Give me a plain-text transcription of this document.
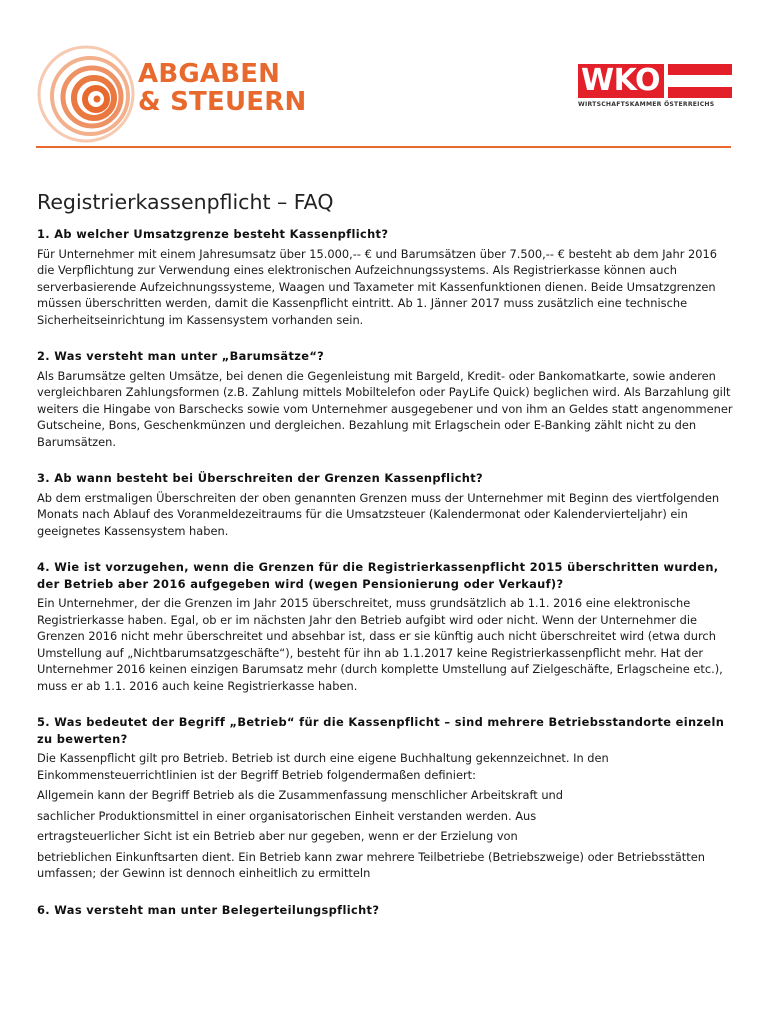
ABGABEN
& STEUERN
WKO
WIRTSCHAFTSKAMMER ÖSTERREICHS
Registrierkassenpflicht – FAQ

1. Ab welcher Umsatzgrenze besteht Kassenpflicht?

Für Unternehmer mit einem Jahresumsatz über 15.000,-- € und Barumsätzen über 7.500,-- € besteht ab dem Jahr 2016 die Verpflichtung zur Verwendung eines elektronischen Aufzeichnungssystems. Als Registrierkasse können auch serverbasierende Aufzeichnungssysteme, Waagen und Taxameter mit Kassenfunktionen dienen. Beide Umsatzgrenzen müssen überschritten werden, damit die Kassenpflicht eintritt. Ab 1. Jänner 2017 muss zusätzlich eine technische Sicherheitseinrichtung im Kassensystem vorhanden sein.

2. Was versteht man unter „Barumsätze“?

Als Barumsätze gelten Umsätze, bei denen die Gegenleistung mit Bargeld, Kredit- oder Bankomatkarte, sowie anderen vergleichbaren Zahlungsformen (z.B. Zahlung mittels Mobiltelefon oder PayLife Quick) beglichen wird. Als Barzahlung gilt weiters die Hingabe von Barschecks sowie vom Unternehmer ausgegebener und von ihm an Geldes statt angenommener Gutscheine, Bons, Geschenkmünzen und dergleichen. Bezahlung mit Erlagschein oder E-Banking zählt nicht zu den Barumsätzen.

3. Ab wann besteht bei Überschreiten der Grenzen Kassenpflicht?

Ab dem erstmaligen Überschreiten der oben genannten Grenzen muss der Unternehmer mit Beginn des viertfolgenden Monats nach Ablauf des Voranmeldezeitraums für die Umsatzsteuer (Kalendermonat oder Kalendervierteljahr) ein geeignetes Kassensystem haben.

4. Wie ist vorzugehen, wenn die Grenzen für die Registrierkassenpflicht 2015 überschritten wurden, der Betrieb aber 2016 aufgegeben wird (wegen Pensionierung oder Verkauf)?

Ein Unternehmer, der die Grenzen im Jahr 2015 überschreitet, muss grundsätzlich ab 1.1. 2016 eine elektronische Registrierkasse haben. Egal, ob er im nächsten Jahr den Betrieb aufgibt wird oder nicht. Wenn der Unternehmer die Grenzen 2016 nicht mehr überschreitet und absehbar ist, dass er sie künftig auch nicht überschreitet wird (etwa durch Umstellung auf „Nichtbarumsatzgeschäfte“), besteht für ihn ab 1.1.2017 keine Registrierkassenpflicht mehr. Hat der Unternehmer 2016 keinen einzigen Barumsatz mehr (durch komplette Umstellung auf Zielgeschäfte, Erlagscheine etc.), muss er ab 1.1. 2016 auch keine Registrierkasse haben.

5. Was bedeutet der Begriff „Betrieb“ für die Kassenpflicht – sind mehrere Betriebsstandorte einzeln zu bewerten?

Die Kassenpflicht gilt pro Betrieb. Betrieb ist durch eine eigene Buchhaltung gekennzeichnet. In den Einkommensteuerrichtlinien ist der Begriff Betrieb folgendermaßen definiert:

Allgemein kann der Begriff Betrieb als die Zusammenfassung menschlicher Arbeitskraft und

sachlicher Produktionsmittel in einer organisatorischen Einheit verstanden werden. Aus

ertragsteuerlicher Sicht ist ein Betrieb aber nur gegeben, wenn er der Erzielung von

betrieblichen Einkunftsarten dient. Ein Betrieb kann zwar mehrere Teilbetriebe (Betriebszweige) oder Betriebsstätten umfassen; der Gewinn ist dennoch einheitlich zu ermitteln

6. Was versteht man unter Belegerteilungspflicht?
